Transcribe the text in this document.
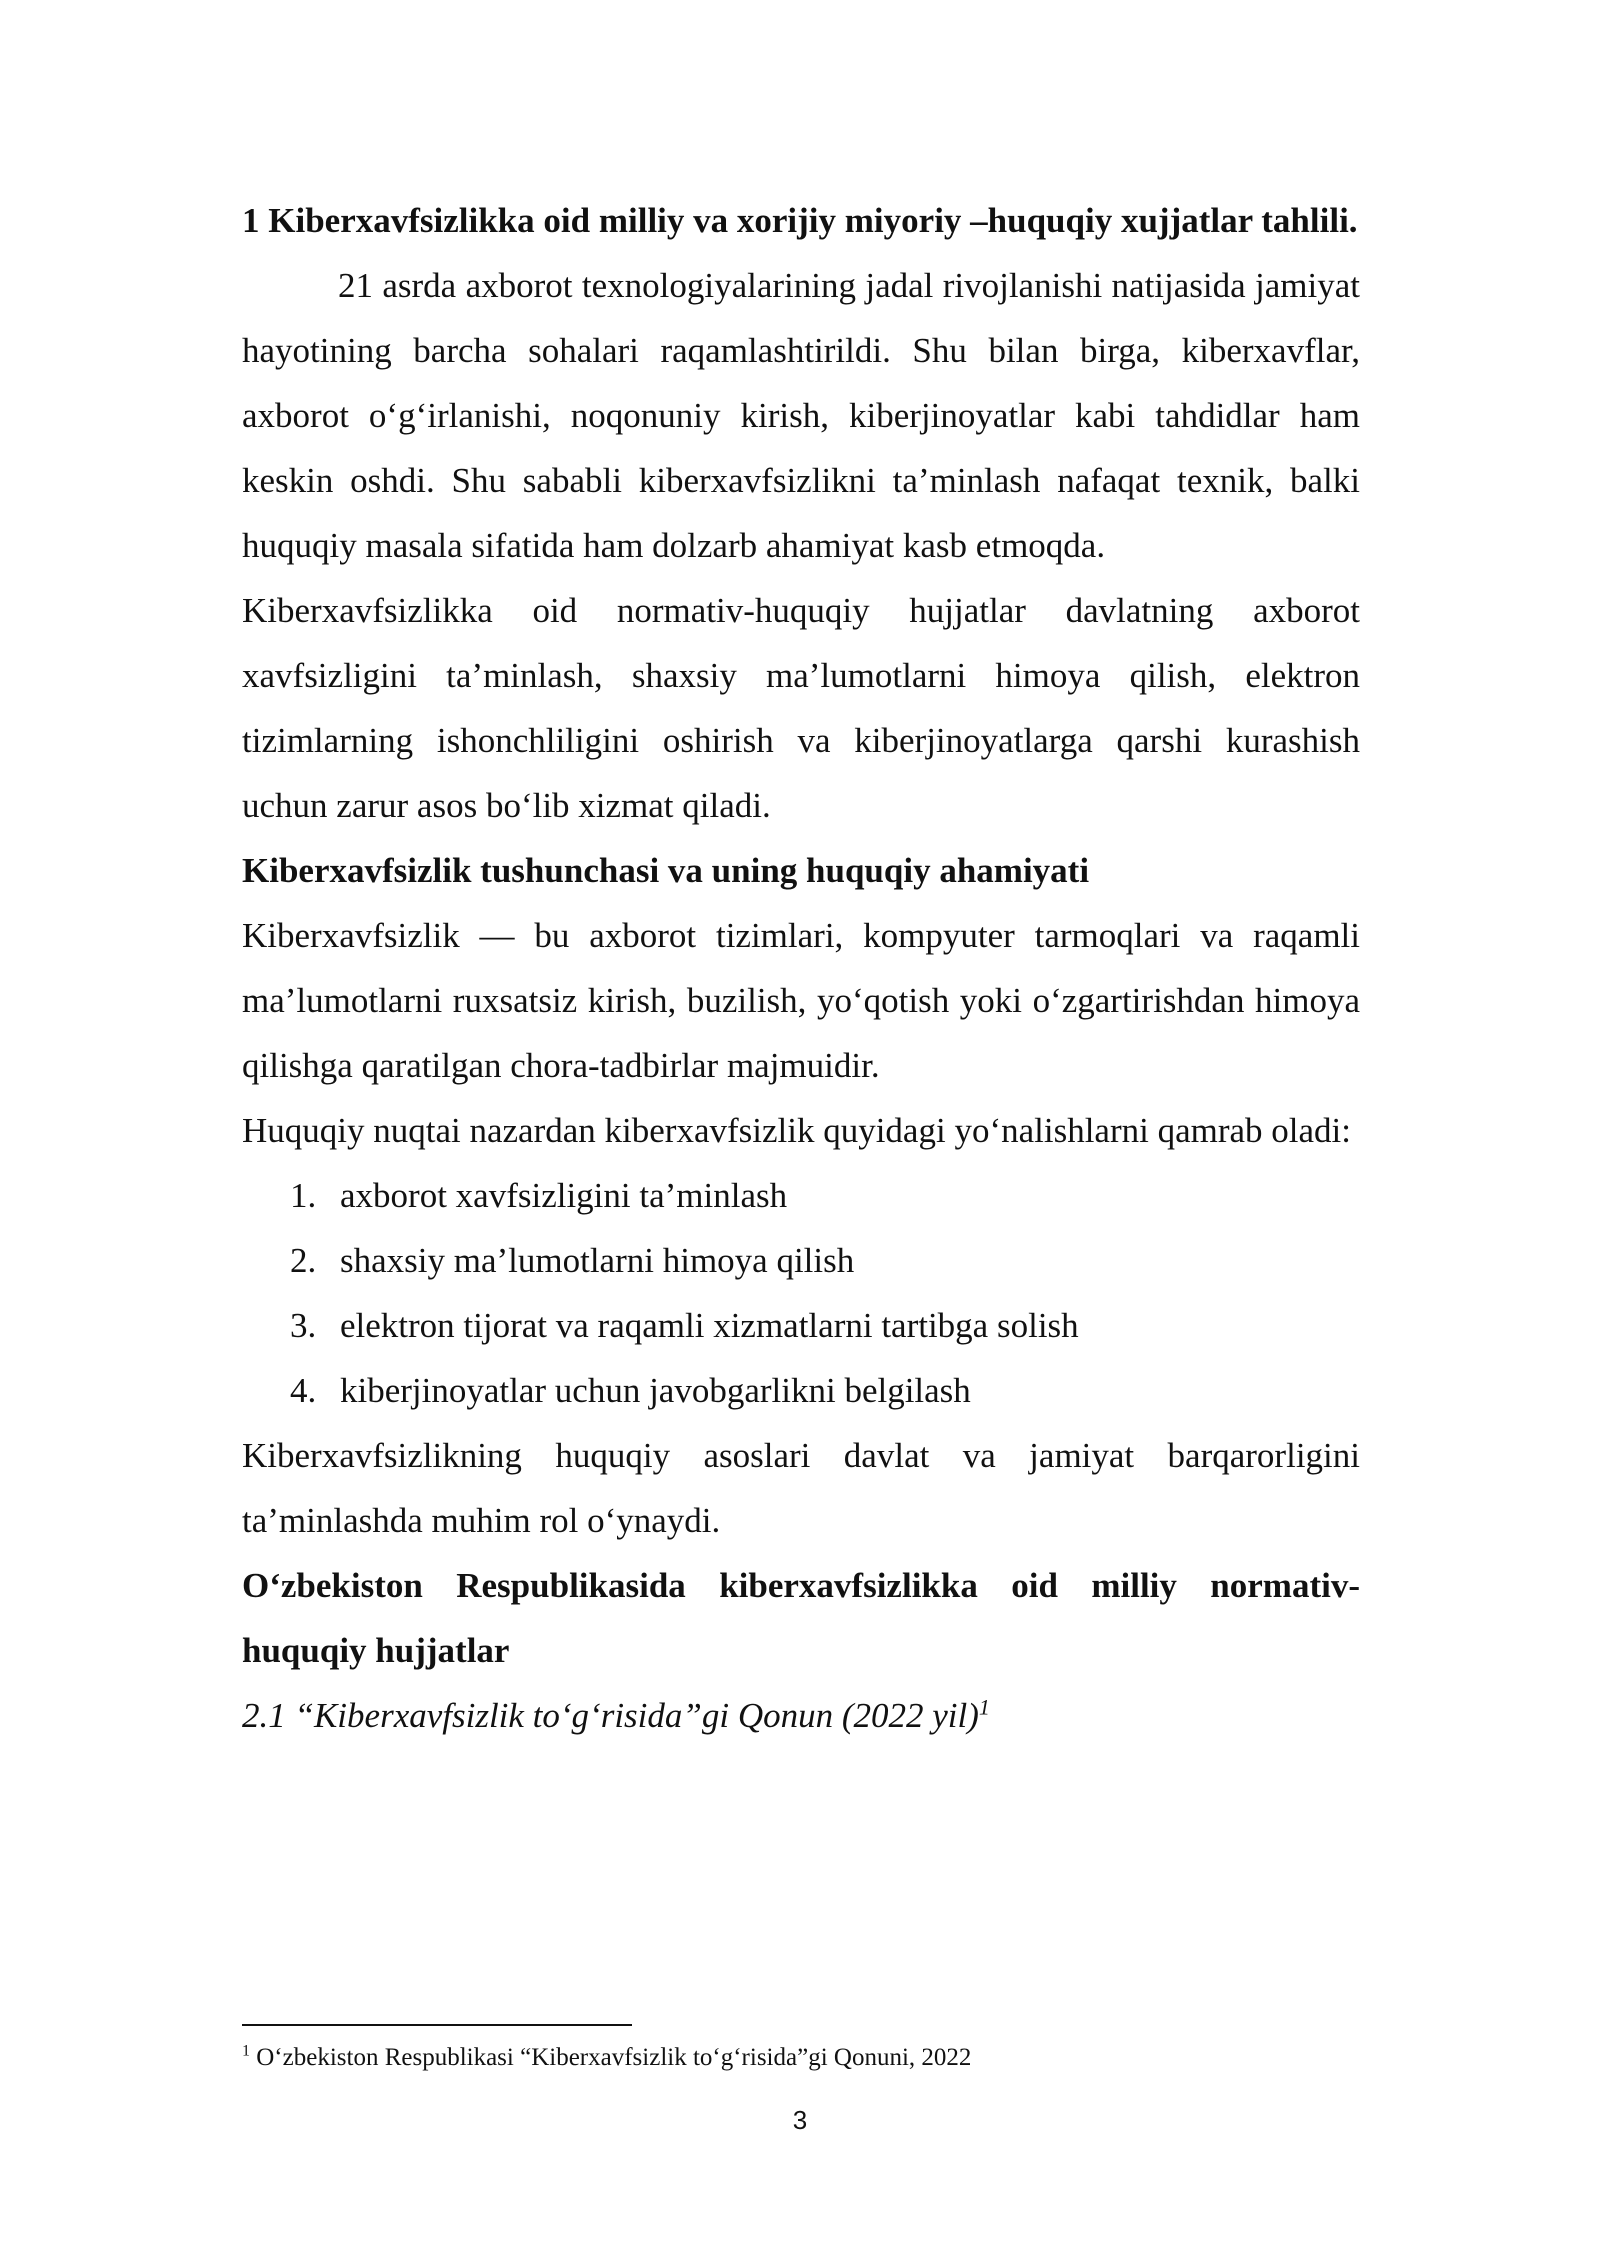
1 Kiberxavfsizlikka oid milliy va xorijiy miyoriy –huquqiy xujjatlar tahlili.

21 asrda axborot texnologiyalarining jadal rivojlanishi natijasida jamiyat hayotining barcha sohalari raqamlashtirildi. Shu bilan birga, kiberxavflar, axborot o‘g‘irlanishi, noqonuniy kirish, kiberjinoyatlar kabi tahdidlar ham keskin oshdi. Shu sababli kiberxavfsizlikni ta’minlash nafaqat texnik, balki huquqiy masala sifatida ham dolzarb ahamiyat kasb etmoqda.

Kiberxavfsizlikka oid normativ-huquqiy hujjatlar davlatning axborot xavfsizligini ta’minlash, shaxsiy ma’lumotlarni himoya qilish, elektron tizimlarning ishonchliligini oshirish va kiberjinoyatlarga qarshi kurashish uchun zarur asos bo‘lib xizmat qiladi.

Kiberxavfsizlik tushunchasi va uning huquqiy ahamiyati

Kiberxavfsizlik — bu axborot tizimlari, kompyuter tarmoqlari va raqamli ma’lumotlarni ruxsatsiz kirish, buzilish, yo‘qotish yoki o‘zgartirishdan himoya qilishga qaratilgan chora-tadbirlar majmuidir.

Huquqiy nuqtai nazardan kiberxavfsizlik quyidagi yo‘nalishlarni qamrab oladi:

1. axborot xavfsizligini ta’minlash
2. shaxsiy ma’lumotlarni himoya qilish
3. elektron tijorat va raqamli xizmatlarni tartibga solish
4. kiberjinoyatlar uchun javobgarlikni belgilash

Kiberxavfsizlikning huquqiy asoslari davlat va jamiyat barqarorligini ta’minlashda muhim rol o‘ynaydi.

O‘zbekiston Respublikasida kiberxavfsizlikka oid milliy normativ-huquqiy hujjatlar

2.1 “Kiberxavfsizlik to‘g‘risida”gi Qonun (2022 yil)$^1$

$^1$ O‘zbekiston Respublikasi “Kiberxavfsizlik to‘g‘risida”gi Qonuni, 2022
3
